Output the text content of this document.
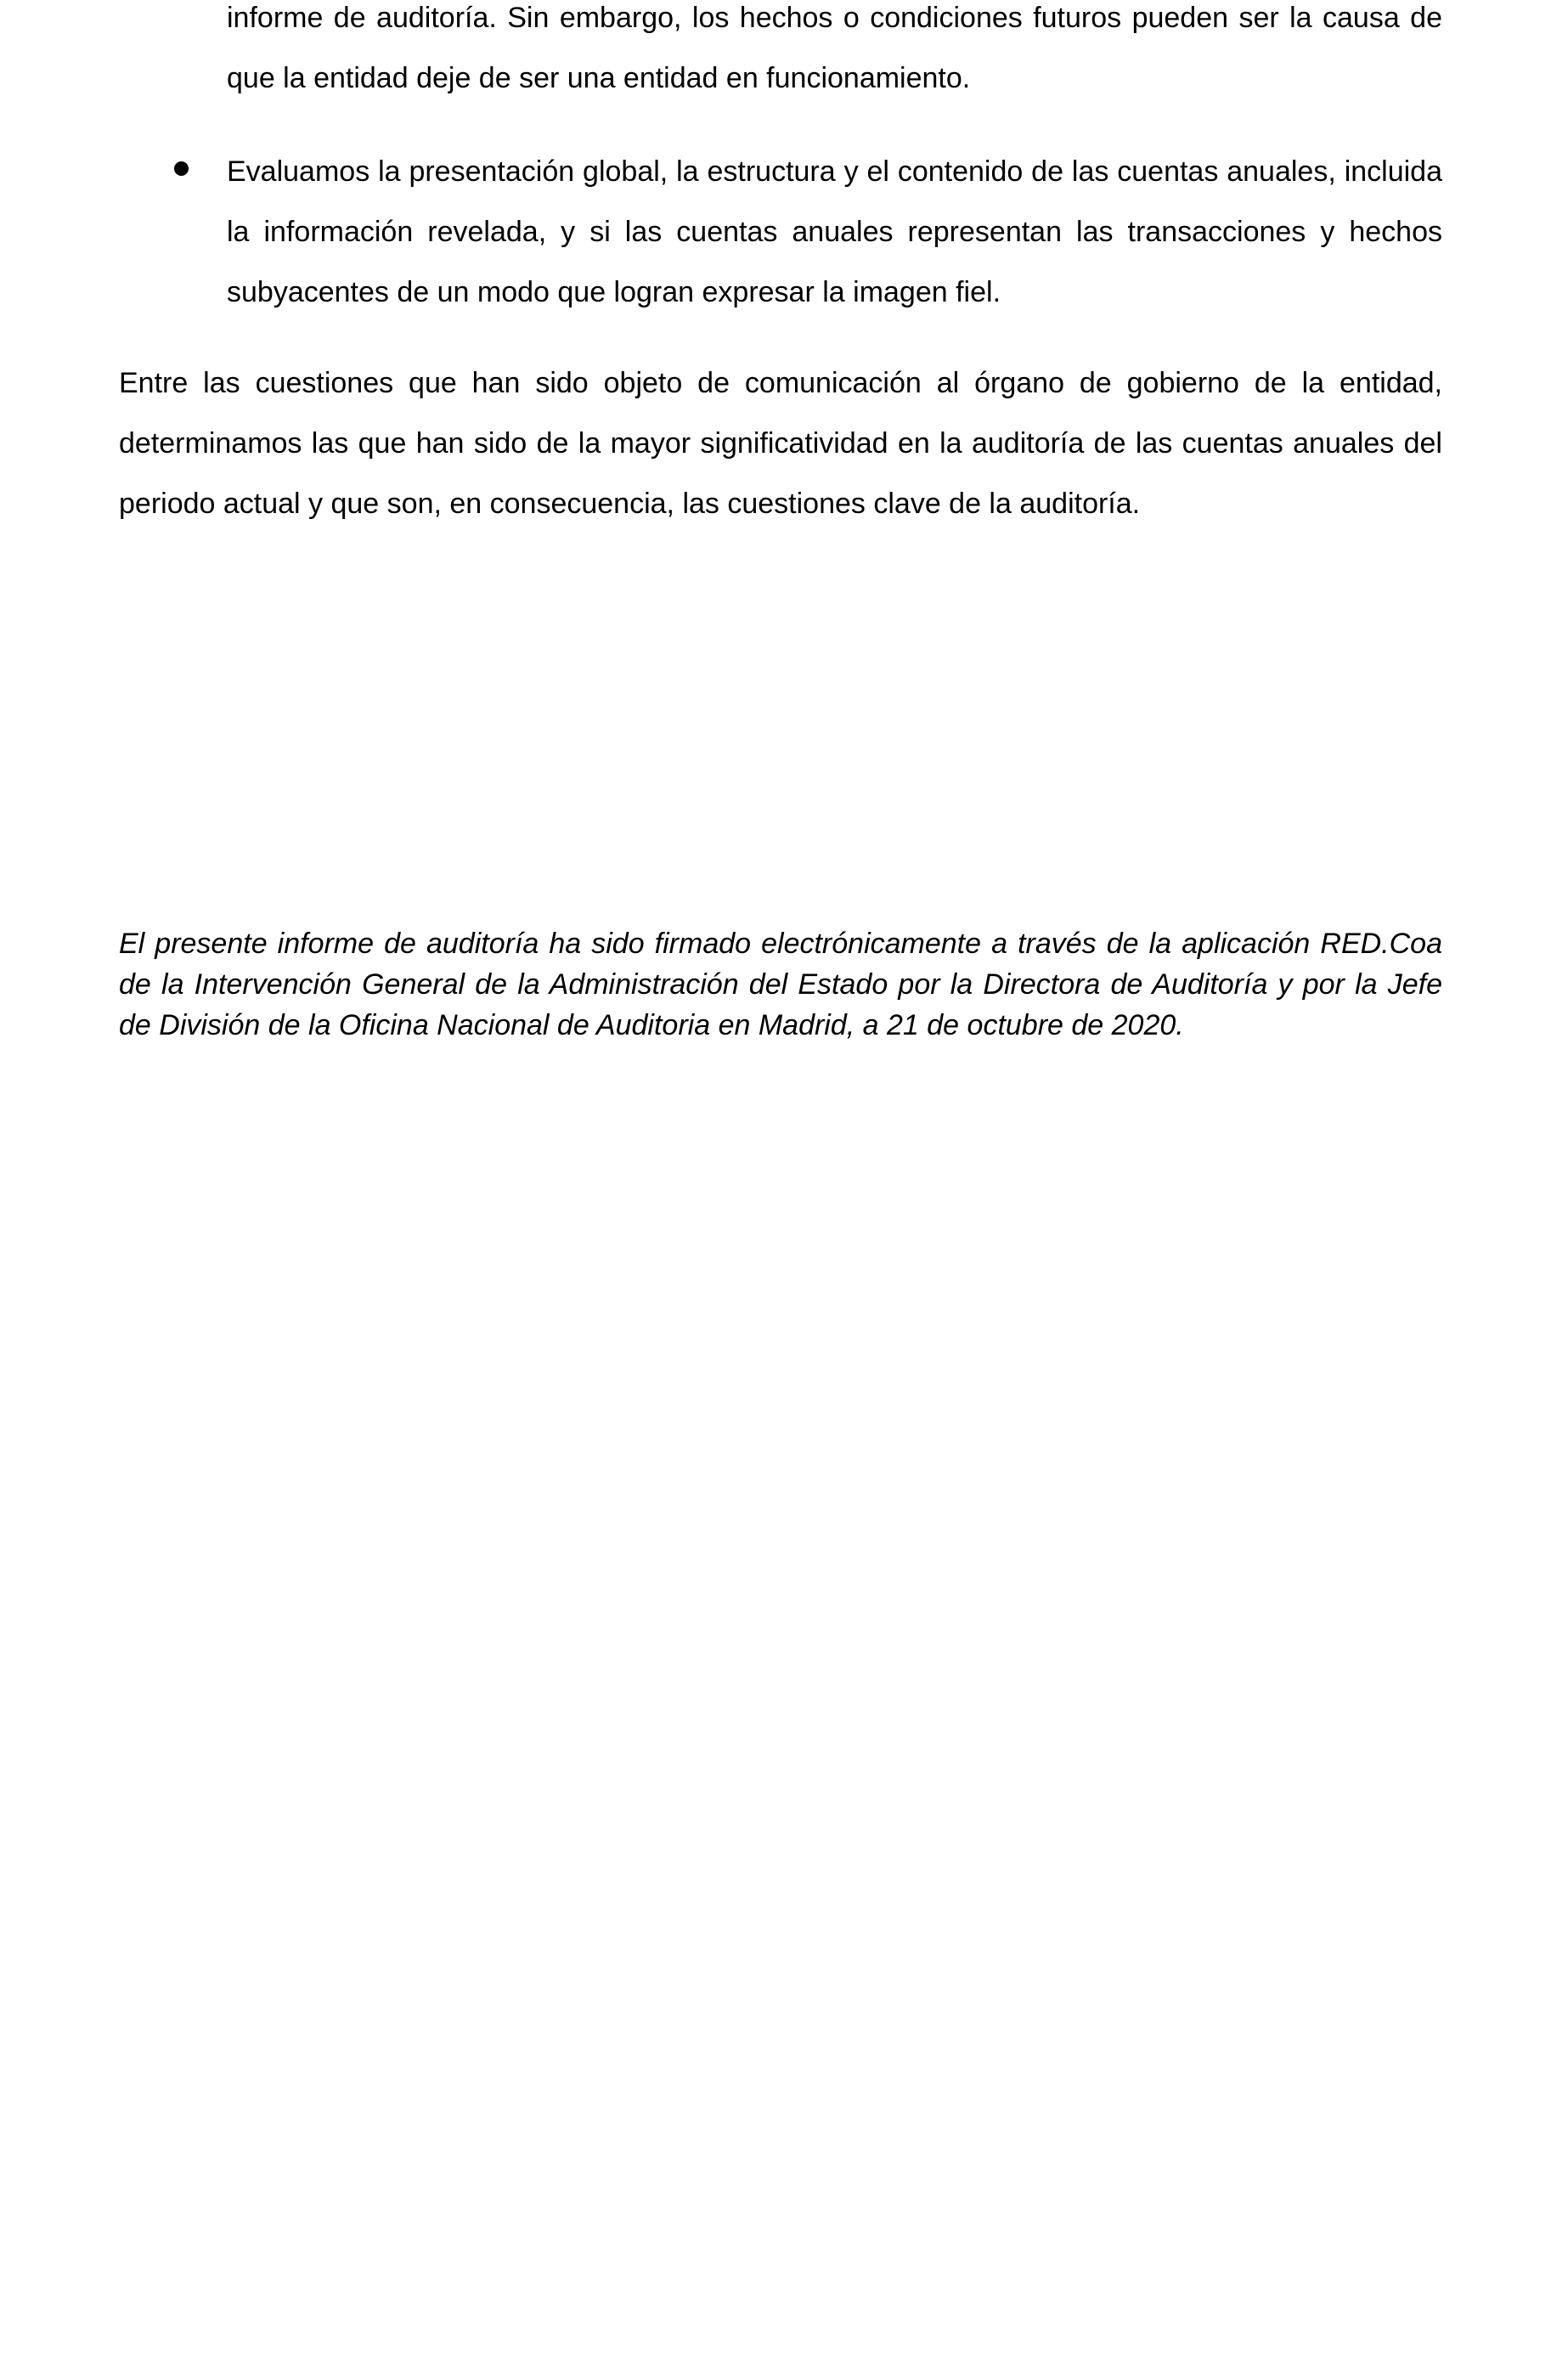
informe de auditoría. Sin embargo, los hechos o condiciones futuros pueden ser la causa de que la entidad deje de ser una entidad en funcionamiento.

Evaluamos la presentación global, la estructura y el contenido de las cuentas anuales, incluida la información revelada, y si las cuentas anuales representan las transacciones y hechos subyacentes de un modo que logran expresar la imagen fiel.

Entre las cuestiones que han sido objeto de comunicación al órgano de gobierno de la entidad, determinamos las que han sido de la mayor significatividad en la auditoría de las cuentas anuales del periodo actual y que son, en consecuencia, las cuestiones clave de la auditoría.

El presente informe de auditoría ha sido firmado electrónicamente a través de la aplicación RED.Coa de la Intervención General de la Administración del Estado por la Directora de Auditoría y por la Jefe de División de la Oficina Nacional de Auditoria en Madrid, a 21 de octubre de 2020.
